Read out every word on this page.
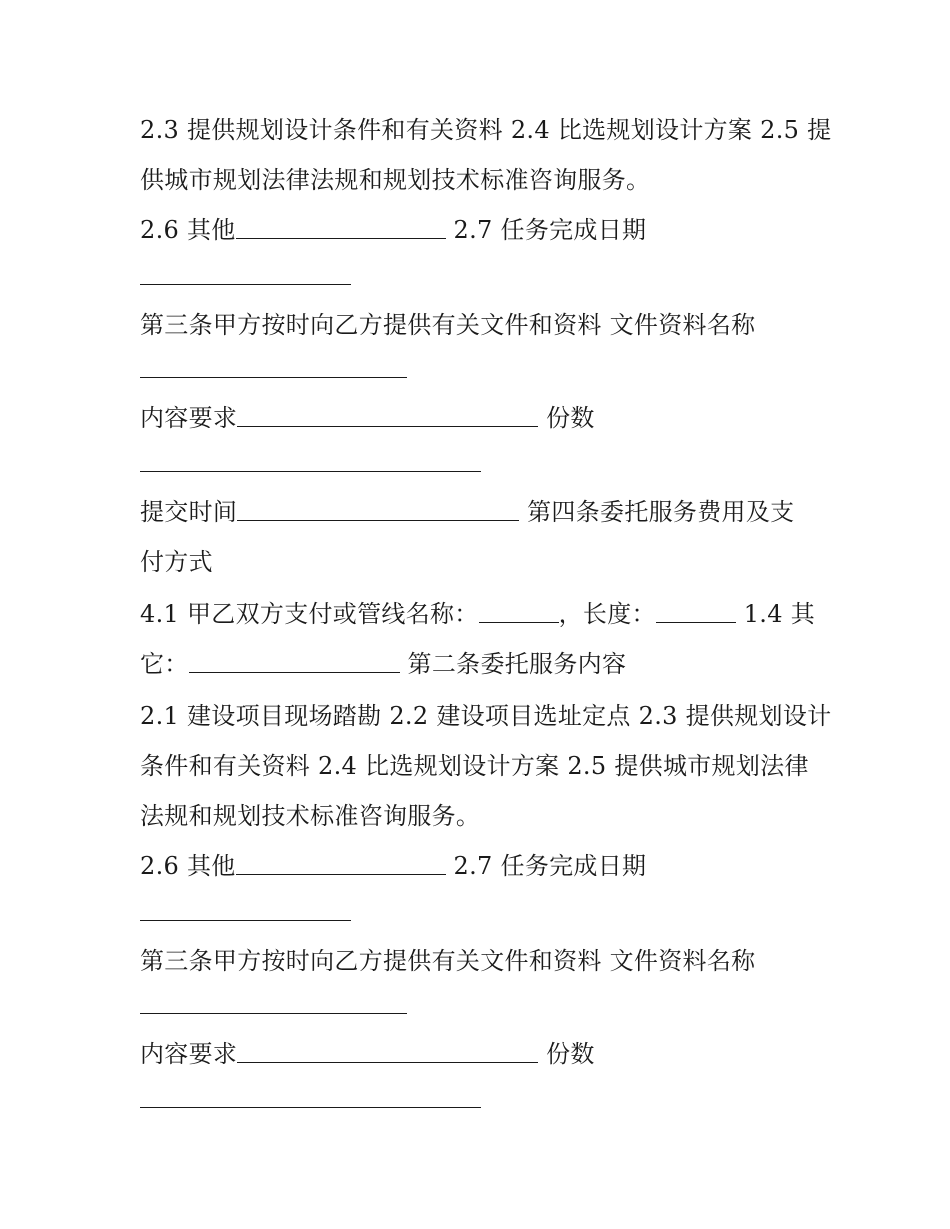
2.3 提供规划设计条件和有关资料 2.4 比选规划设计方案 2.5 提
供城市规划法律法规和规划技术标准咨询服务。
2.6 其他	2.7 任务完成日期
第三条甲方按时向乙方提供有关文件和资料 文件资料名称
内容要求	份数
提交时间	第四条委托服务费用及支
付方式
4.1 甲乙双方支付或管线名称：	，长度：	1.4 其
它：	第二条委托服务内容
2.1 建设项目现场踏勘 2.2 建设项目选址定点 2.3 提供规划设计
条件和有关资料 2.4 比选规划设计方案 2.5 提供城市规划法律
法规和规划技术标准咨询服务。
2.6 其他	2.7 任务完成日期
第三条甲方按时向乙方提供有关文件和资料 文件资料名称
内容要求	份数
